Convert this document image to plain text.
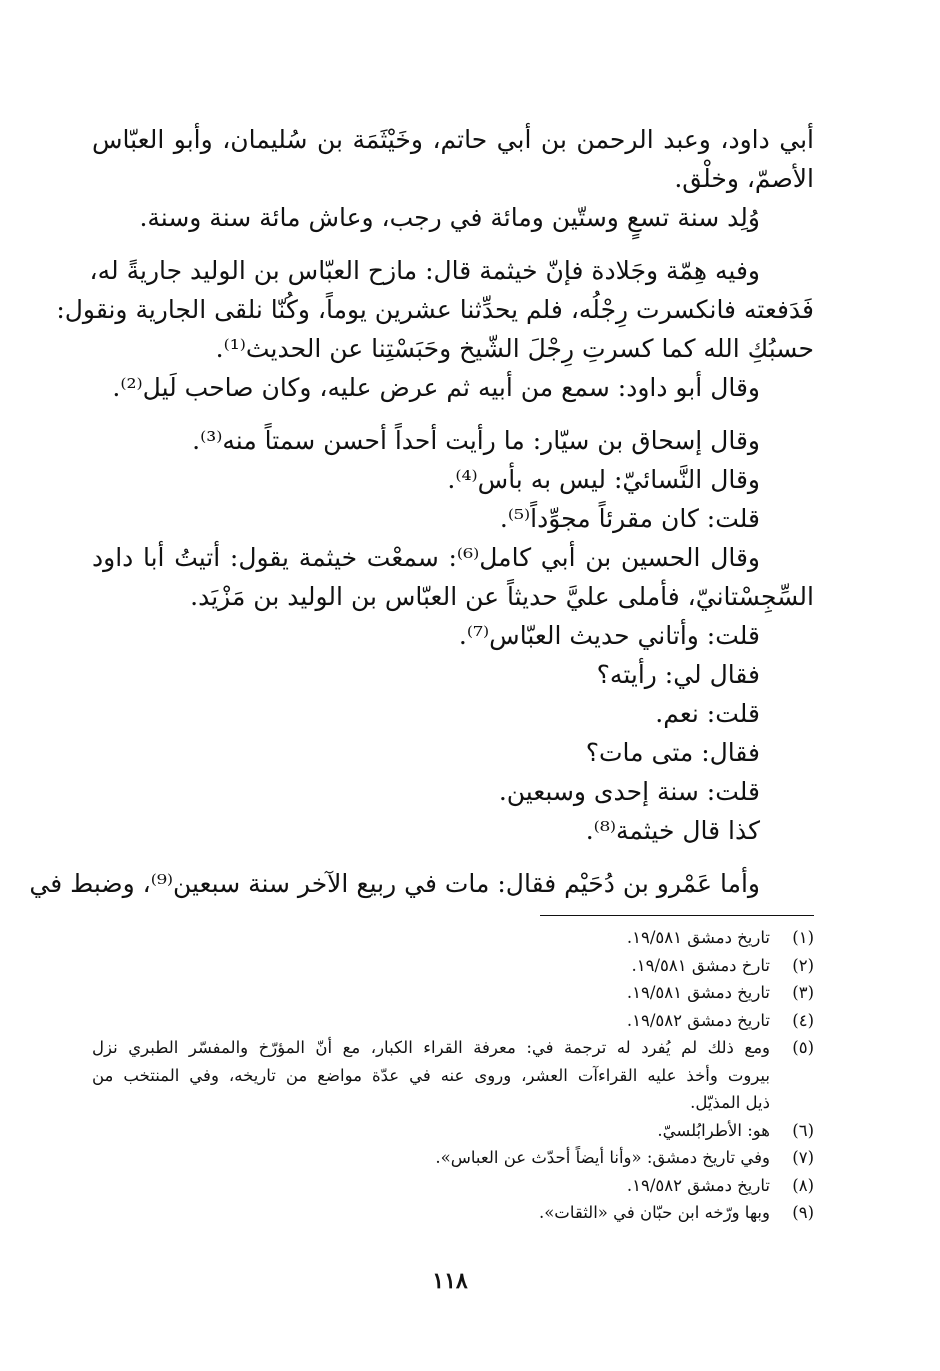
أبي داود، وعبد الرحمن بن أبي حاتم، وخَيْثَمَة بن سُليمان، وأبو العبّاس
الأصمّ، وخلْق.
وُلِد سنة تسعٍ وستّين ومائة في رجب، وعاش مائة سنة وسنة.
وفيه هِمّة وجَلادة فإنّ خيثمة قال: مازح العبّاس بن الوليد جاريةً له،
فَدَفعته فانكسرت رِجْلُه، فلم يحدِّثنا عشرين يوماً، وكُنّا نلقى الجارية ونقول:
حسبُكِ الله كما كسرتِ رِجْلَ الشّيخ وحَبَسْتِنا عن الحديث⁽¹⁾.
وقال أبو داود: سمع من أبيه ثم عرض عليه، وكان صاحب لَيل⁽²⁾.
وقال إسحاق بن سيّار: ما رأيت أحداً أحسن سمتاً منه⁽³⁾.
وقال النَّسائيّ: ليس به بأس⁽⁴⁾.
قلت: كان مقرئاً مجوِّداً⁽⁵⁾.
وقال الحسين بن أبي كامل⁽⁶⁾: سمعْت خيثمة يقول: أتيتُ أبا داود
السِّجِسْتانيّ، فأملى عليَّ حديثاً عن العبّاس بن الوليد بن مَزْيَد.
قلت: وأتاني حديث العبّاس⁽⁷⁾.
فقال لي: رأيته؟
قلت: نعم.
فقال: متى مات؟
قلت: سنة إحدى وسبعين.
كذا قال خيثمة⁽⁸⁾.
وأما عَمْرو بن دُحَيْم فقال: مات في ربيع الآخر سنة سبعين⁽⁹⁾، وضبط في
(١)
تاريخ دمشق ١٩/٥٨١.
(٢)
تارخ دمشق ١٩/٥٨١.
(٣)
تاريخ دمشق ١٩/٥٨١.
(٤)
تاريخ دمشق ١٩/٥٨٢.
(٥)
ومع ذلك لم يُفرد له ترجمة في: معرفة القراء الكبار، مع أنّ المؤرّخ والمفسّر الطبري نزل
بيروت وأخذ عليه القراءآت العشر، وروى عنه في عدّة مواضع من تاريخه، وفي المنتخب من
ذيل المذيّل.
(٦)
هو: الأطرابُلسيّ.
(٧)
وفي تاريخ دمشق: «وأنا أيضاً أحدّث عن العباس».
(٨)
تاريخ دمشق ١٩/٥٨٢.
(٩)
وبها ورّخه ابن حبّان في «الثقات».
١١٨
